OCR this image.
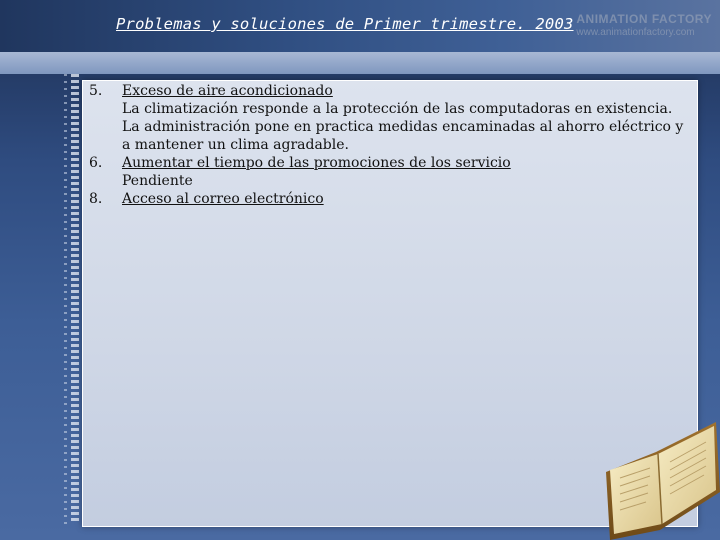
ANIMATION FACTORY
www.animationfactory.com
Problemas y soluciones de Primer trimestre. 2003
5. Exceso de aire acondicionado
La climatización responde a la protección de las computadoras en existencia. La administración pone en practica medidas encaminadas al ahorro eléctrico y a mantener un clima agradable.
6. Aumentar el tiempo de las promociones de los servicio
Pendiente
8. Acceso al correo electrónico
